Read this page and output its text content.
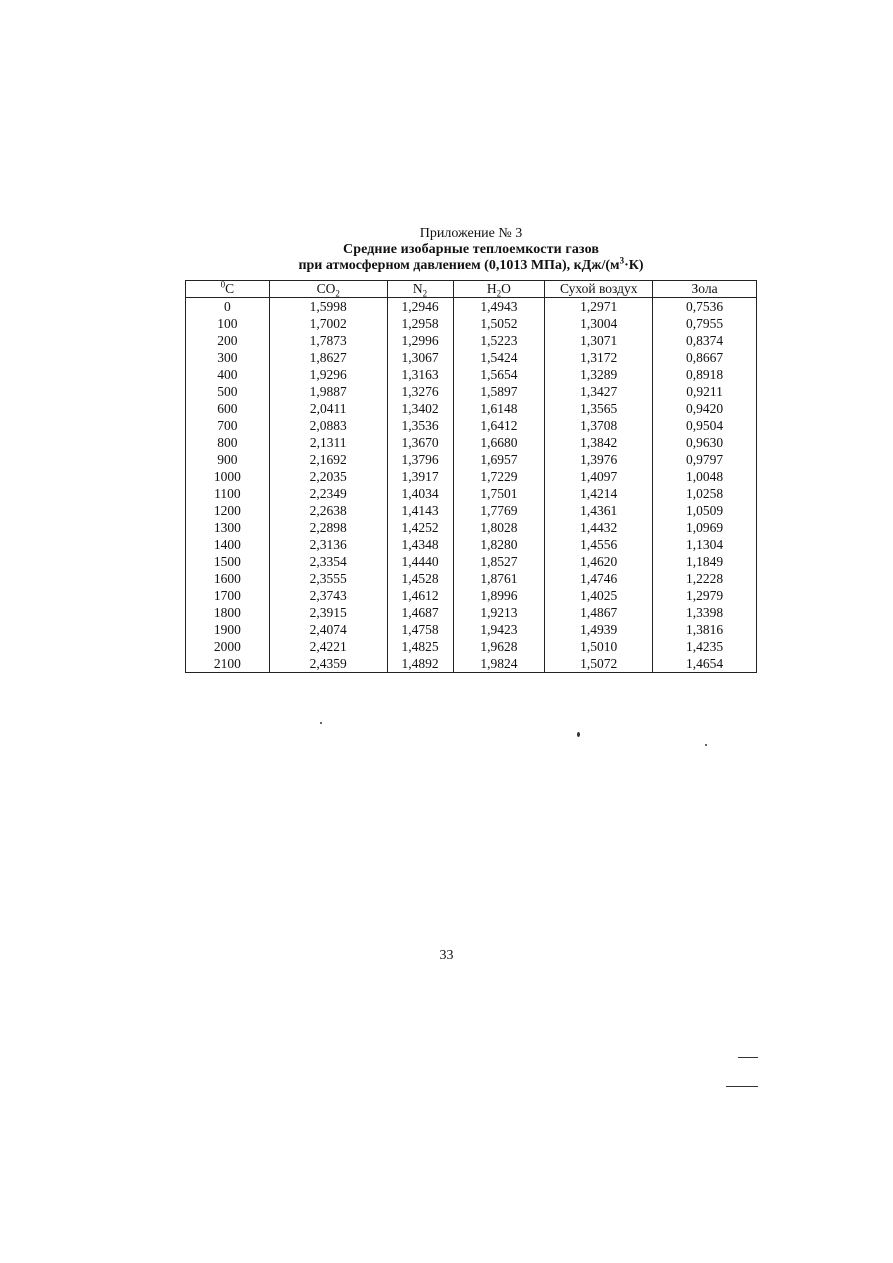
Приложение № 3
Средние изобарные теплоемкости газов
при атмосферном давлением (0,1013 МПа), кДж/$(м^3\cdot К)$
$^0$С	$CO_2$	$N_2$	$H_2O$	Сухой воздух	Зола
0	1,5998	1,2946	1,4943	1,2971	0,7536
100	1,7002	1,2958	1,5052	1,3004	0,7955
200	1,7873	1,2996	1,5223	1,3071	0,8374
300	1,8627	1,3067	1,5424	1,3172	0,8667
400	1,9296	1,3163	1,5654	1,3289	0,8918
500	1,9887	1,3276	1,5897	1,3427	0,9211
600	2,0411	1,3402	1,6148	1,3565	0,9420
700	2,0883	1,3536	1,6412	1,3708	0,9504
800	2,1311	1,3670	1,6680	1,3842	0,9630
900	2,1692	1,3796	1,6957	1,3976	0,9797
1000	2,2035	1,3917	1,7229	1,4097	1,0048
1100	2,2349	1,4034	1,7501	1,4214	1,0258
1200	2,2638	1,4143	1,7769	1,4361	1,0509
1300	2,2898	1,4252	1,8028	1,4432	1,0969
1400	2,3136	1,4348	1,8280	1,4556	1,1304
1500	2,3354	1,4440	1,8527	1,4620	1,1849
1600	2,3555	1,4528	1,8761	1,4746	1,2228
1700	2,3743	1,4612	1,8996	1,4025	1,2979
1800	2,3915	1,4687	1,9213	1,4867	1,3398
1900	2,4074	1,4758	1,9423	1,4939	1,3816
2000	2,4221	1,4825	1,9628	1,5010	1,4235
2100	2,4359	1,4892	1,9824	1,5072	1,4654
33
